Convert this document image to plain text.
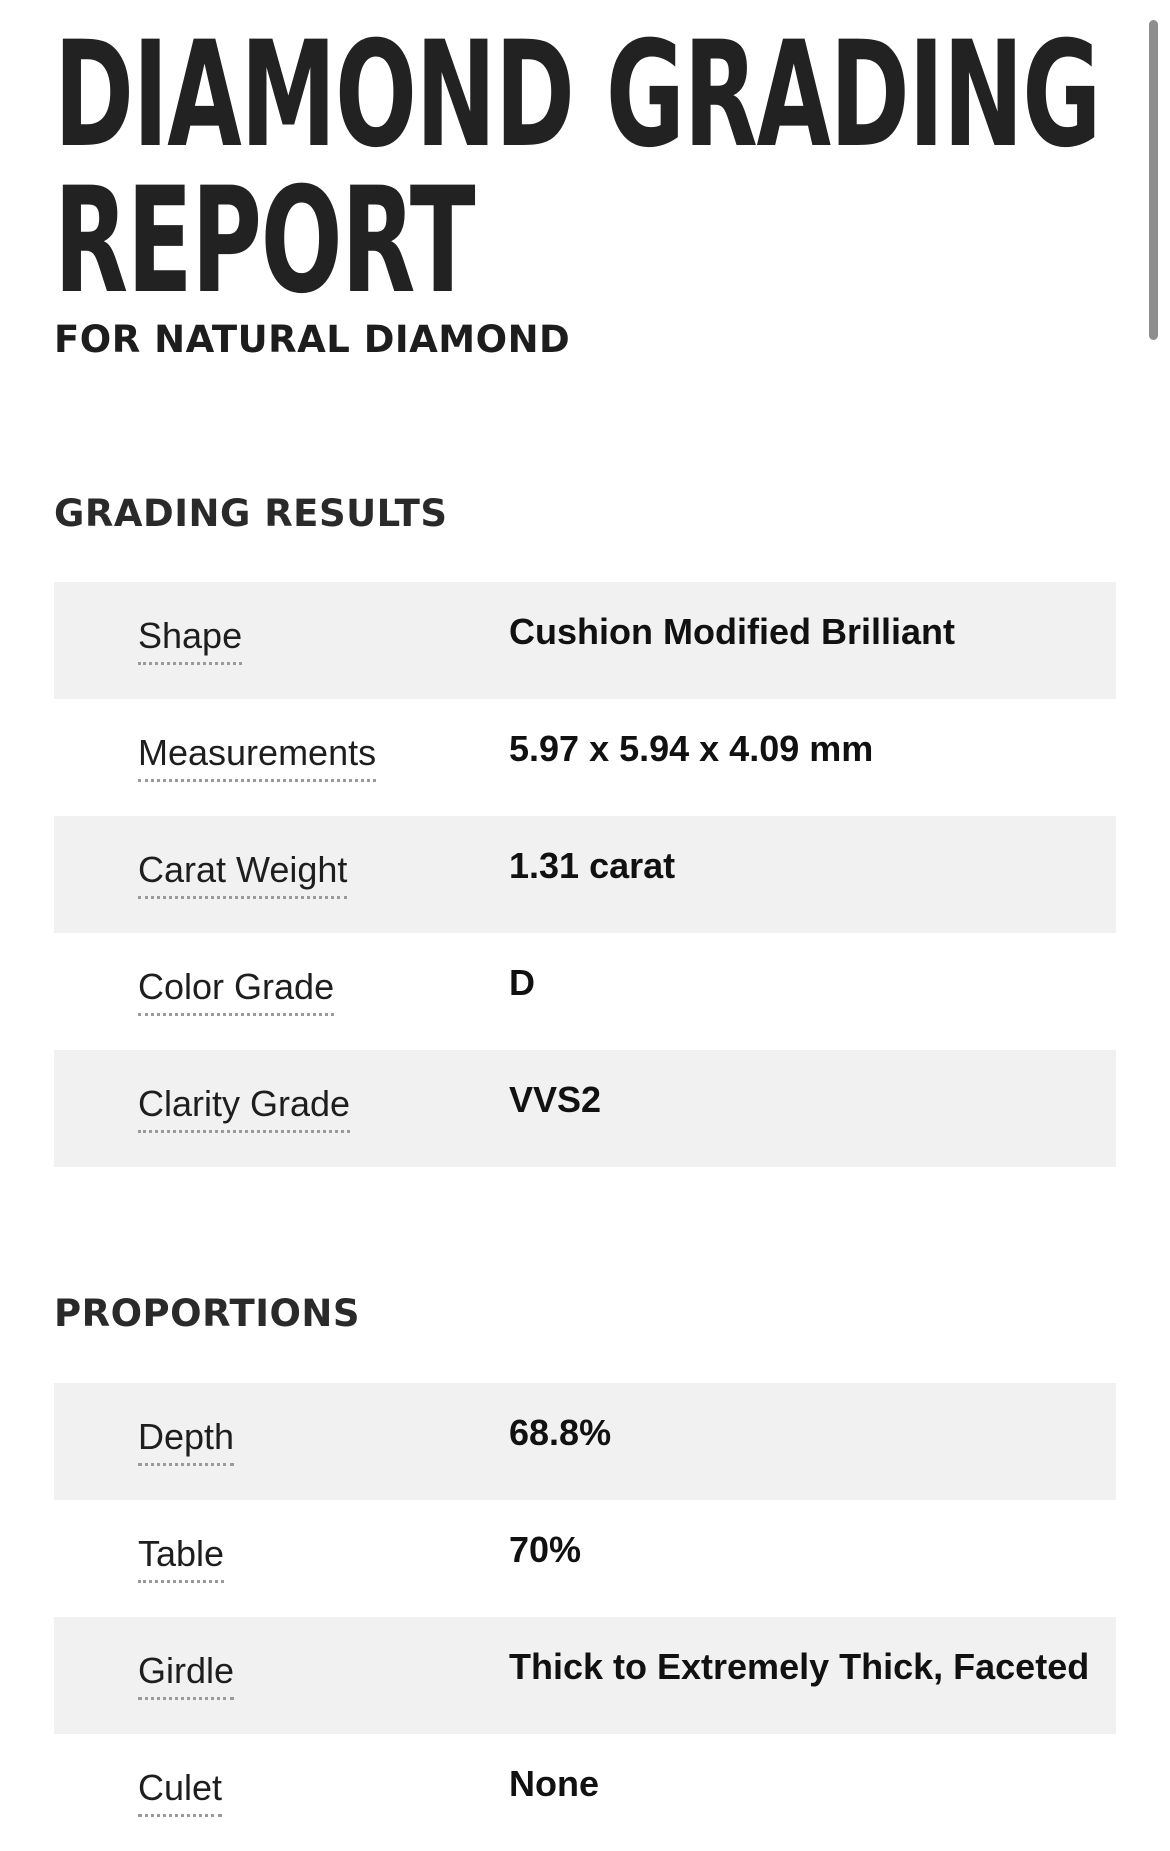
DIAMOND GRADING
REPORT
FOR NATURAL DIAMOND
GRADING RESULTS
Shape	Cushion Modified Brilliant
Measurements	5.97 x 5.94 x 4.09 mm
Carat Weight	1.31 carat
Color Grade	D
Clarity Grade	VVS2
PROPORTIONS
Depth	68.8%
Table	70%
Girdle	Thick to Extremely Thick, Faceted
Culet	None
